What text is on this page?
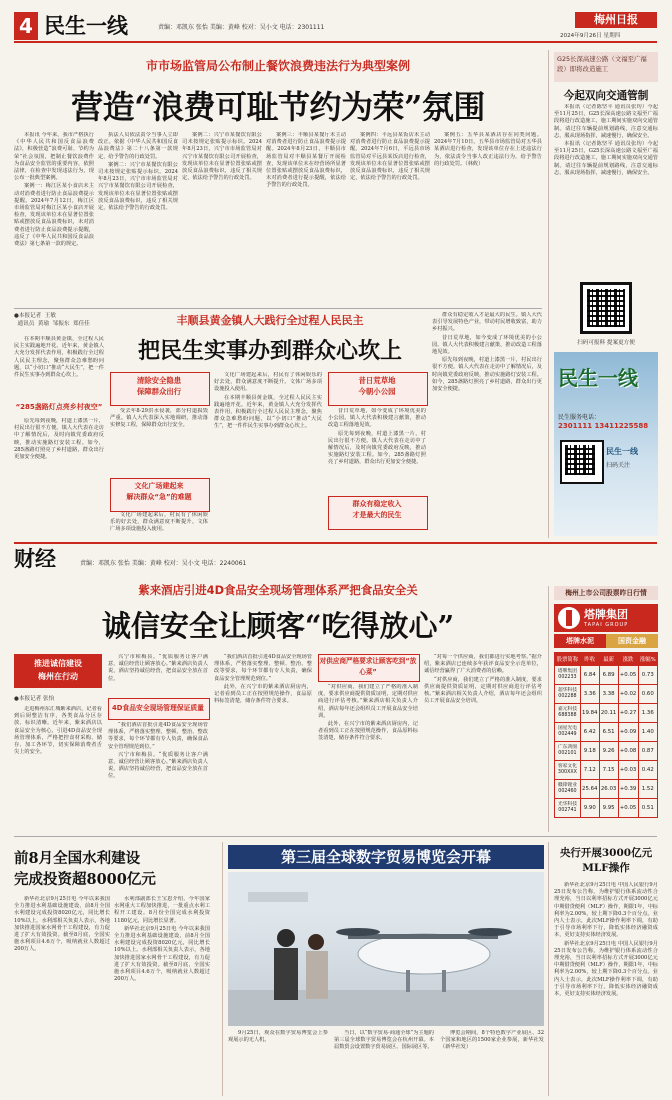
4 民生一线	责编：邓凯东 张怡 美编：黄峰 校对：吴小文 电话：2301111
梅州日报
2024年9月26日 星期四
市市场监管局公布制止餐饮浪费违法行为典型案例
营造“浪费可耻节约为荣”氛围

本报讯 今年来，我市严格执行《中华人民共和国反食品浪费法》，积极营造“浪费可耻、节约为荣”社会氛围，把制止餐饮浪费作为食品安全监管的重要内容，依照法律，在检查中发现违法行为，现公布一批典型案例。

案例一：梅江区某小食店未主动对消费者进行防止食品浪费提示提醒。2024年7月12日，梅江区市场监管局对梅江区某小食店开展检查，发现该单位未在显著位置张贴或摆放反食品浪费标识，未对消费者进行防止食品浪费提示提醒，违反了《中华人民共和国反食品浪费法》第七条第一款的规定。

执法人员依法责令当事人立即改正。依据《中华人民共和国反食品浪费法》第二十八条第一款规定，给予警告的行政处罚。

案例二：兴宁市某餐饮有限公司未按规定张贴提示标识。2024年8月23日，兴宁市市场监管局对兴宁市某餐饮有限公司开展检查，发现该单位未在显著位置张贴或摆放反食品浪费标识，违反了相关规定，依法给予警告的行政处罚。

案例二：兴宁市某餐饮有限公司未按规定张贴提示标识。2024年8月23日，兴宁市市场监管局对兴宁市某餐饮有限公司开展检查，发现该单位未在显著位置张贴或摆放反食品浪费标识，违反了相关规定，依法给予警告的行政处罚。

案例三：丰顺县某餐厅未主动对消费者进行防止食品浪费提示提醒。2024年8月23日，丰顺县市场监管局对丰顺县某餐厅开展检查，发现该单位未在经营场所显著位置张贴或摆放反食品浪费标识，未对消费者进行提示提醒，依法给予警告的行政处罚。

案例四：平远县某饭店未主动对消费者进行防止食品浪费提示提醒。2024年7月6日，平远县市场监管局对平远县某饭店进行检查，发现该单位未在显著位置张贴或摆放反食品浪费标识，违反了相关规定，依法给予警告的行政处罚。

案例五：五华县某酒店存在同类问题。2024年7月10日，五华县市场监管局对五华县某酒店进行检查，发现该单位存在上述违法行为，依法责令当事人改正违法行为，给予警告的行政处罚。（林攸）

●本报记者  王敏
通讯员  黄瑜  邹振东  郑佳佳	丰顺县黄金镇人大践行全过程人民民主
把民生实事办到群众心坎上

在本期丰顺县黄金镇，全过程人民民主实践遍地开花。近年来，黄金镇人大充分发挥代表作用，积极践行全过程人民民主理念，聚焦群众急难愁盼问题，以“小切口”推动“大民生”，把一件件民生实事办到群众心坎上。

“285盏路灯点亮乡村夜空”

原先每到夜晚，村道上漆黑一片，村民出行很不方便。镇人大代表在走访中了解情况后，及时向镇党委政府反映，推动实施路灯安装工程。如今，285盏路灯照亮了乡村道路，群众出行更加安全便捷。

清除安全隐患
保障群众出行

受去年8·29洪水侵袭，部分村道损毁严重。镇人大代表深入实地调研，推动落实修复工程，保障群众出行安全。

文化广场建起来
解决群众“急”的难题

文化广场建起来后，村民有了休闲娱乐的好去处，群众满意度不断提升。文体广场多项设施投入使用。

文化广场建起来后，村民有了休闲娱乐的好去处，群众满意度不断提升。文体广场多项设施投入使用。

在本期丰顺县黄金镇，全过程人民民主实践遍地开花。近年来，黄金镇人大充分发挥代表作用，积极践行全过程人民民主理念，聚焦群众急难愁盼问题，以“小切口”推动“大民生”，把一件件民生实事办到群众心坎上。

昔日荒草地
今朝小公园

昔日荒草地，如今变成了环境优美的小公园。镇人大代表积极建言献策，推动改造工程落地见效。

原先每到夜晚，村道上漆黑一片，村民出行很不方便。镇人大代表在走访中了解情况后，及时向镇党委政府反映，推动实施路灯安装工程。如今，285盏路灯照亮了乡村道路，群众出行更加安全便捷。

群众有稳定收入
才是最大的民生

群众有稳定收入才是最大的民生。镇人大代表引导发展特色产业，带动村民增收致富，助力乡村振兴。

昔日荒草地，如今变成了环境优美的小公园。镇人大代表积极建言献策，推动改造工程落地见效。

原先每到夜晚，村道上漆黑一片，村民出行很不方便。镇人大代表在走访中了解情况后，及时向镇党委政府反映，推动实施路灯安装工程。如今，285盏路灯照亮了乡村道路，群众出行更加安全便捷。

G25长深高速公路（文福至广福段）即将改造施工
今起双向交通管制

本报讯（记者陈坚平 通讯员张均）今起至11月25日，G25长深高速公路文福至广福段将进行改造施工，施工期间实施双向交通管制。请过往车辆提前规划路线，注意交通标志，服从现场指挥，减速慢行，确保安全。

本报讯（记者陈坚平 通讯员张均）今起至11月25日，G25长深高速公路文福至广福段将进行改造施工，施工期间实施双向交通管制。请过往车辆提前规划路线，注意交通标志，服从现场指挥，减速慢行，确保安全。

扫码可报料 提案更方便
民生一线
民生服务电话：
2301111 13411225588
民生一线
扫码关注
财经	责编：邓凯东 张怡 美编：黄峰 校对：吴小文 电话：2240061
紫来酒店引进4D食品安全现场管理体系严把食品安全关
诚信安全让顾客“吃得放心”
推进诚信建设
梅州在行动
●本报记者 张怡

走进梅州东汇城紫来酒店，记者看到后厨整洁有序，各类食品分区存放、标识清晰。近年来，紫来酒店以食品安全为核心，引进4D食品安全现场管理体系，严格把控食材采购、储存、加工各环节，切实保障消费者舌尖上的安全。

兴宁市和梅县。“优质服务让客户满意，诚信经营让顾客放心。”紫来酒店负责人说，酒店坚持诚信经营，把食品安全放在首位。

4D食品安全现场管理保证质量

“我们酒店首批引进4D食品安全现场管理体系，严格落实整理、整顿、整治、整改等要求，每个环节都有专人负责，确保食品安全管理规范到位。”

兴宁市和梅县。“优质服务让客户满意，诚信经营让顾客放心。”紫来酒店负责人说，酒店坚持诚信经营，把食品安全放在首位。

“我们酒店首批引进4D食品安全现场管理体系，严格落实整理、整顿、整治、整改等要求，每个环节都有专人负责，确保食品安全管理规范到位。”

此外，在兴宁市的紫来酒店厨房内，记者看到员工正在按照规范操作，食品原料标签清楚，储存条件符合要求。

对供应商严格要求让顾客吃到“放心菜”

“对供应商，我们建立了严格的准入制度，要求供应商提供资质证明，定期对供应商进行评估考核。”紫来酒店相关负责人介绍，酒店每年还会组织员工开展食品安全培训。

此外，在兴宁市的紫来酒店厨房内，记者看到员工正在按照规范操作，食品原料标签清楚，储存条件符合要求。

“对每一个供应商，我们都进行实地考察。”据介绍，紫来酒店已连续多年获评食品安全示范单位，诚信经营赢得了广大消费者的信赖。

“对供应商，我们建立了严格的准入制度，要求供应商提供资质证明，定期对供应商进行评估考核。”紫来酒店相关负责人介绍，酒店每年还会组织员工开展食品安全培训。

梅州上市公司股票昨日行情
塔牌集团
TAPAI GROUP
塔牌水泥	国资金融
股票简称	昨收	最新	涨跌	涨幅%
塔牌集团
002233	6.84	6.89	+0.05	0.73
超华科技
002288	3.36	3.38	+0.02	0.60
嘉元科技
688388	19.84	20.11	+0.27	1.36
国星光电
002449	6.42	6.51	+0.09	1.40
广东鸿图
002101	9.18	9.26	+0.08	0.87
客家文化
300XXX	7.12	7.15	+0.03	0.42
赣锋锂业
002460	25.64	26.03	+0.39	1.52
光华科技
002741	9.90	9.95	+0.05	0.51
前8月全国水利建设
完成投资超8000亿元

新华社北京9月25日电 今年以来我国全力推进水利基础设施建设，前8月全国水利建设完成投资8020亿元，同比增长10%以上。水利部相关负责人表示，各地加快推进国家水网骨干工程建设，有力促进了扩大有效投资。截至8月底，全国实施水利项目4.6万个，吸纳就业人数超过200万人。

水利部副部长王宝恩介绍，今年国家水网重大工程加快推进，一批重点水利工程开工建设。8月份全国完成水利投资1180亿元，同比增长显著。

新华社北京9月25日电 今年以来我国全力推进水利基础设施建设，前8月全国水利建设完成投资8020亿元，同比增长10%以上。水利部相关负责人表示，各地加快推进国家水网骨干工程建设，有力促进了扩大有效投资。截至8月底，全国实施水利项目4.6万个，吸纳就业人数超过200万人。

第三届全球数字贸易博览会开幕

9月25日，观众在数字贸易博览会上参观展示的无人机。

当日，以“数字贸易·商通全球”为主题的第三届全球数字贸易博览会在杭州开幕。本届数贸会设置数字贸易展区、国际展区等。

博览会期间，8个特色数字产业展区、32个国家和地区的1500家企业参展，新华社发（新华社发）

央行开展3000亿元
MLF操作

新华社北京9月25日电 中国人民银行9月25日发布公告称，为维护银行体系流动性合理充裕，当日以利率招标方式开展3000亿元中期借贷便利（MLF）操作，期限1年，中标利率为2.00%，较上期下降0.3个百分点。业内人士表示，此次MLF操作利率下调，有助于引导市场利率下行，降低实体经济融资成本，更好支持实体经济发展。

新华社北京9月25日电 中国人民银行9月25日发布公告称，为维护银行体系流动性合理充裕，当日以利率招标方式开展3000亿元中期借贷便利（MLF）操作，期限1年，中标利率为2.00%，较上期下降0.3个百分点。业内人士表示，此次MLF操作利率下调，有助于引导市场利率下行，降低实体经济融资成本，更好支持实体经济发展。
